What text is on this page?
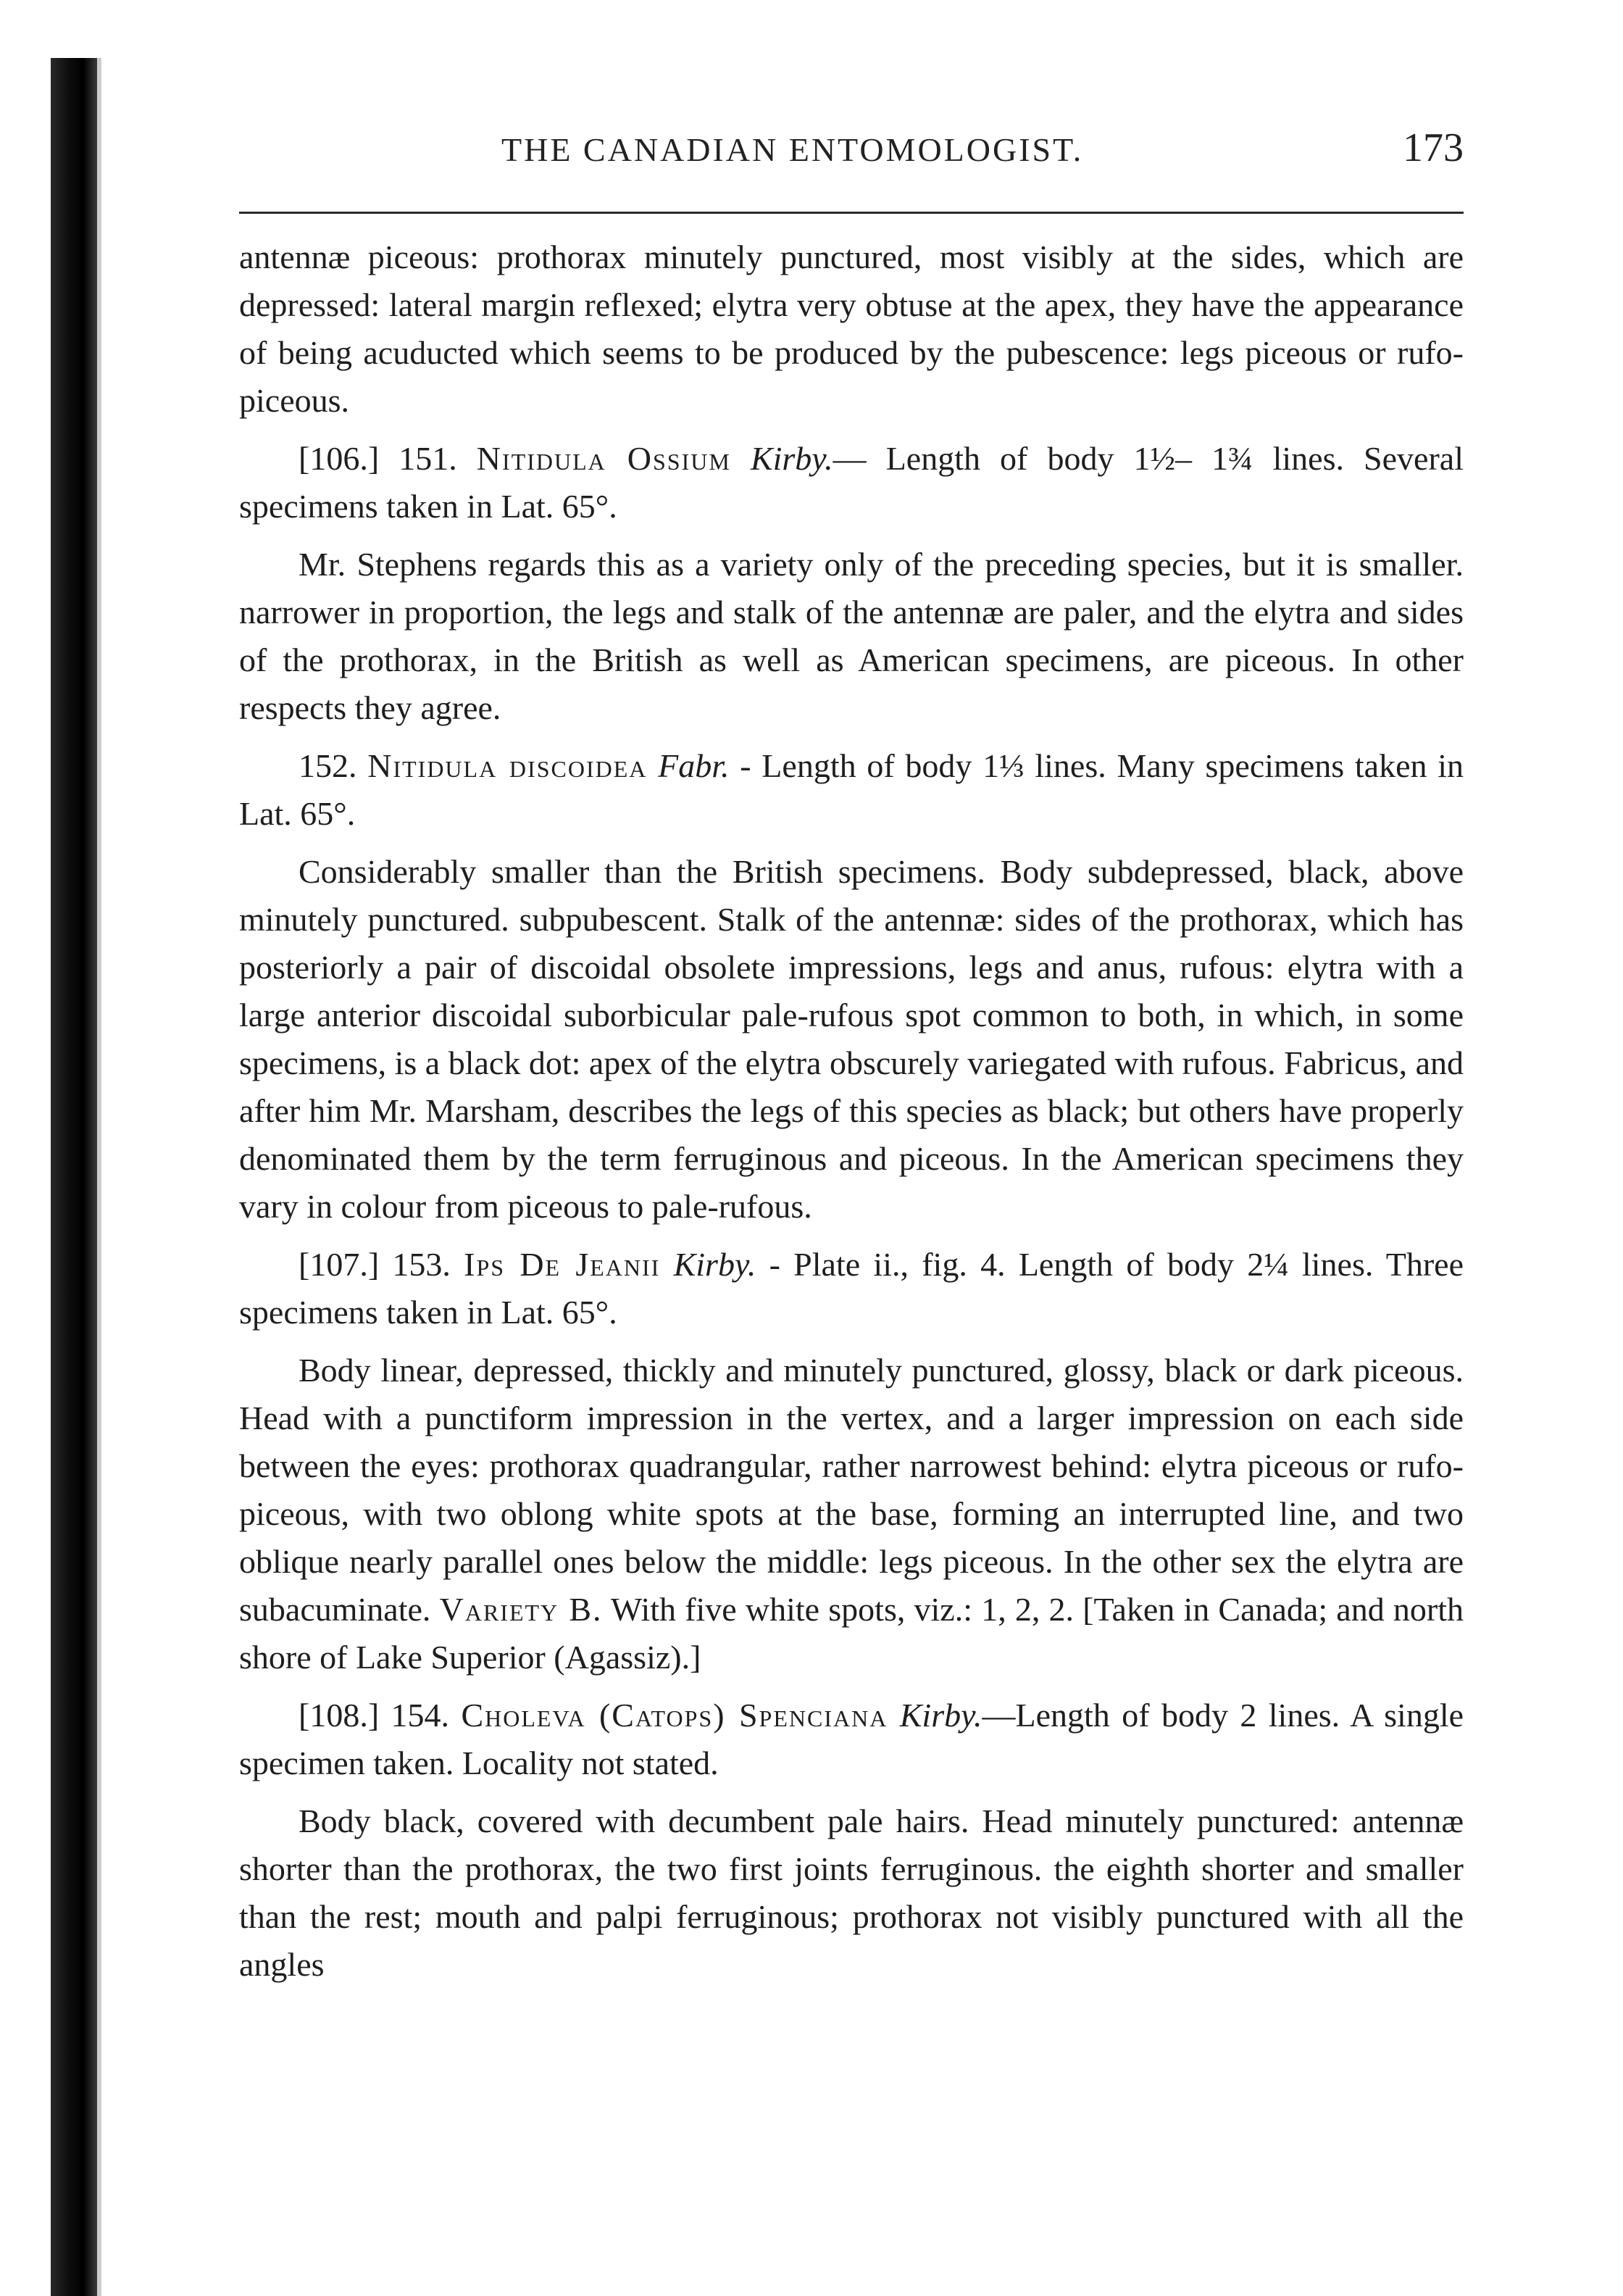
THE CANADIAN ENTOMOLOGIST.	173

antennæ piceous: prothorax minutely punctured, most visibly at the sides, which are depressed: lateral margin reflexed; elytra very obtuse at the apex, they have the appearance of being acuducted which seems to be produced by the pubescence: legs piceous or rufo-piceous.

[106.] 151. Nitidula Ossium Kirby.— Length of body 1½– 1¾ lines. Several specimens taken in Lat. 65°.

Mr. Stephens regards this as a variety only of the preceding species, but it is smaller. narrower in proportion, the legs and stalk of the antennæ are paler, and the elytra and sides of the prothorax, in the British as well as American specimens, are piceous. In other respects they agree.

152. Nitidula discoidea Fabr. - Length of body 1⅓ lines. Many specimens taken in Lat. 65°.

Considerably smaller than the British specimens. Body subdepressed, black, above minutely punctured. subpubescent. Stalk of the antennæ: sides of the prothorax, which has posteriorly a pair of discoidal obsolete impressions, legs and anus, rufous: elytra with a large anterior discoidal suborbicular pale-rufous spot common to both, in which, in some specimens, is a black dot: apex of the elytra obscurely variegated with rufous. Fabricus, and after him Mr. Marsham, describes the legs of this species as black; but others have properly denominated them by the term ferruginous and piceous. In the American specimens they vary in colour from piceous to pale-rufous.

[107.] 153. Ips De Jeanii Kirby. - Plate ii., fig. 4. Length of body 2¼ lines. Three specimens taken in Lat. 65°.

Body linear, depressed, thickly and minutely punctured, glossy, black or dark piceous. Head with a punctiform impression in the vertex, and a larger impression on each side between the eyes: prothorax quadrangular, rather narrowest behind: elytra piceous or rufo-piceous, with two oblong white spots at the base, forming an interrupted line, and two oblique nearly parallel ones below the middle: legs piceous. In the other sex the elytra are subacuminate. Variety B. With five white spots, viz.: 1, 2, 2. [Taken in Canada; and north shore of Lake Superior (Agassiz).]

[108.] 154. Choleva (Catops) Spenciana Kirby.—Length of body 2 lines. A single specimen taken. Locality not stated.

Body black, covered with decumbent pale hairs. Head minutely punctured: antennæ shorter than the prothorax, the two first joints ferruginous. the eighth shorter and smaller than the rest; mouth and palpi ferruginous; prothorax not visibly punctured with all the angles
